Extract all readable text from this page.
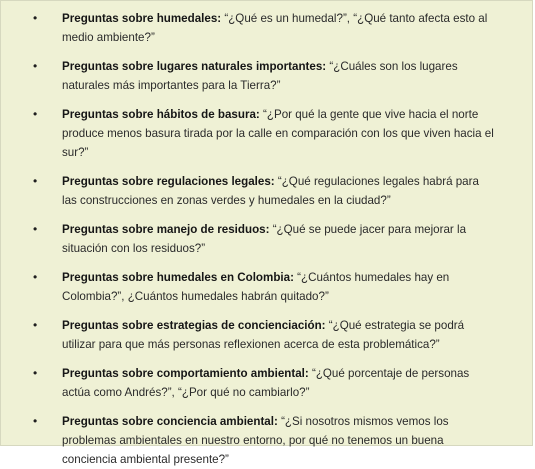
• Preguntas sobre humedales: “¿Qué es un humedal?”, “¿Qué tanto afecta esto al medio ambiente?”
• Preguntas sobre lugares naturales importantes: “¿Cuáles son los lugares naturales más importantes para la Tierra?”
• Preguntas sobre hábitos de basura: “¿Por qué la gente que vive hacia el norte produce menos basura tirada por la calle en comparación con los que viven hacia el sur?”
• Preguntas sobre regulaciones legales: “¿Qué regulaciones legales habrá para las construcciones en zonas verdes y humedales en la ciudad?”
• Preguntas sobre manejo de residuos: “¿Qué se puede jacer para mejorar la situación con los residuos?”
• Preguntas sobre humedales en Colombia: “¿Cuántos humedales hay en Colombia?”, ¿Cuántos humedales habrán quitado?”
• Preguntas sobre estrategias de concienciación: “¿Qué estrategia se podrá utilizar para que más personas reflexionen acerca de esta problemática?”
• Preguntas sobre comportamiento ambiental: “¿Qué porcentaje de personas actúa como Andrés?”, “¿Por qué no cambiarlo?”
• Preguntas sobre conciencia ambiental: “¿Si nosotros mismos vemos los problemas ambientales en nuestro entorno, por qué no tenemos un buena conciencia ambiental presente?”
